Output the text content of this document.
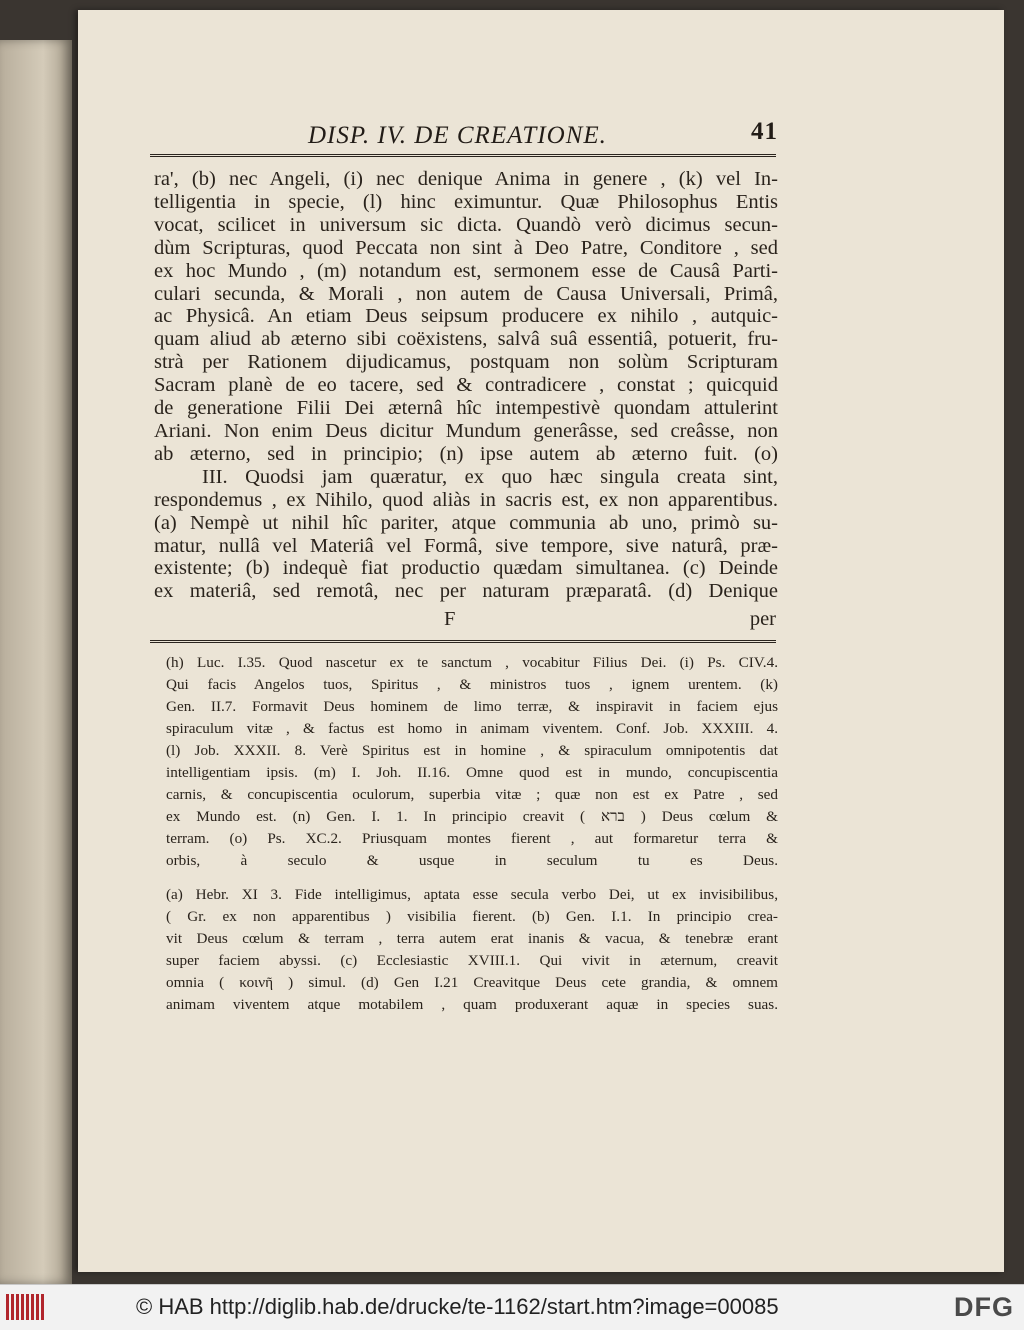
DISP. IV. DE CREATIONE.	41
ra', (b) nec Angeli, (i) nec denique Anima in genere , (k) vel In-
telligentia in specie, (l) hinc eximuntur. Quæ Philosophus Entis
vocat, scilicet in universum sic dicta. Quandò verò dicimus secun-
dùm Scripturas, quod Peccata non sint à Deo Patre, Conditore , sed
ex hoc Mundo , (m) notandum est, sermonem esse de Causâ Parti-
culari secunda, & Morali , non autem de Causa Universali, Primâ,
ac Physicâ. An etiam Deus seipsum producere ex nihilo , autquic-
quam aliud ab æterno sibi coëxistens, salvâ suâ essentiâ, potuerit, fru-
strà per Rationem dijudicamus, postquam non solùm Scripturam
Sacram planè de eo tacere, sed & contradicere , constat ; quicquid
de generatione Filii Dei æternâ hîc intempestivè quondam attulerint
Ariani. Non enim Deus dicitur Mundum generâsse, sed creâsse, non
ab æterno, sed in principio; (n) ipse autem ab æterno fuit. (o)
III. Quodsi jam quæratur, ex quo hæc singula creata sint,
respondemus , ex Nihilo, quod aliàs in sacris est, ex non apparentibus.
(a) Nempè ut nihil hîc pariter, atque communia ab uno, primò su-
matur, nullâ vel Materiâ vel Formâ, sive tempore, sive naturâ, præ-
existente; (b) indequè fiat productio quædam simultanea. (c) Deinde
ex materiâ, sed remotâ, nec per naturam præparatâ. (d) Denique
F	per
(h) Luc. I.35. Quod nascetur ex te sanctum , vocabitur Filius Dei. (i) Ps. CIV.4.
Qui facis Angelos tuos, Spiritus , & ministros tuos , ignem urentem. (k)
Gen. II.7. Formavit Deus hominem de limo terræ, & inspiravit in faciem ejus
spiraculum vitæ , & factus est homo in animam viventem. Conf. Job. XXXIII. 4.
(l) Job. XXXII. 8. Verè Spiritus est in homine , & spiraculum omnipotentis dat
intelligentiam ipsis. (m) I. Joh. II.16. Omne quod est in mundo, concupiscentia
carnis, & concupiscentia oculorum, superbia vitæ ; quæ non est ex Patre , sed
ex Mundo est. (n) Gen. I. 1. In principio creavit ( ברא ) Deus cœlum &
terram. (o) Ps. XC.2. Priusquam montes fierent , aut formaretur terra &
orbis, à seculo & usque in seculum tu es Deus.
(a) Hebr. XI 3. Fide intelligimus, aptata esse secula verbo Dei, ut ex invisibilibus,
( Gr. ex non apparentibus ) visibilia fierent. (b) Gen. I.1. In principio crea-
vit Deus cœlum & terram , terra autem erat inanis & vacua, & tenebræ erant
super faciem abyssi. (c) Ecclesiastic XVIII.1. Qui vivit in æternum, creavit
omnia ( κοινῆ ) simul. (d) Gen I.21 Creavitque Deus cete grandia, & omnem
animam viventem atque motabilem , quam produxerant aquæ in species suas.
© HAB http://diglib.hab.de/drucke/te-1162/start.htm?image=00085	DFG
